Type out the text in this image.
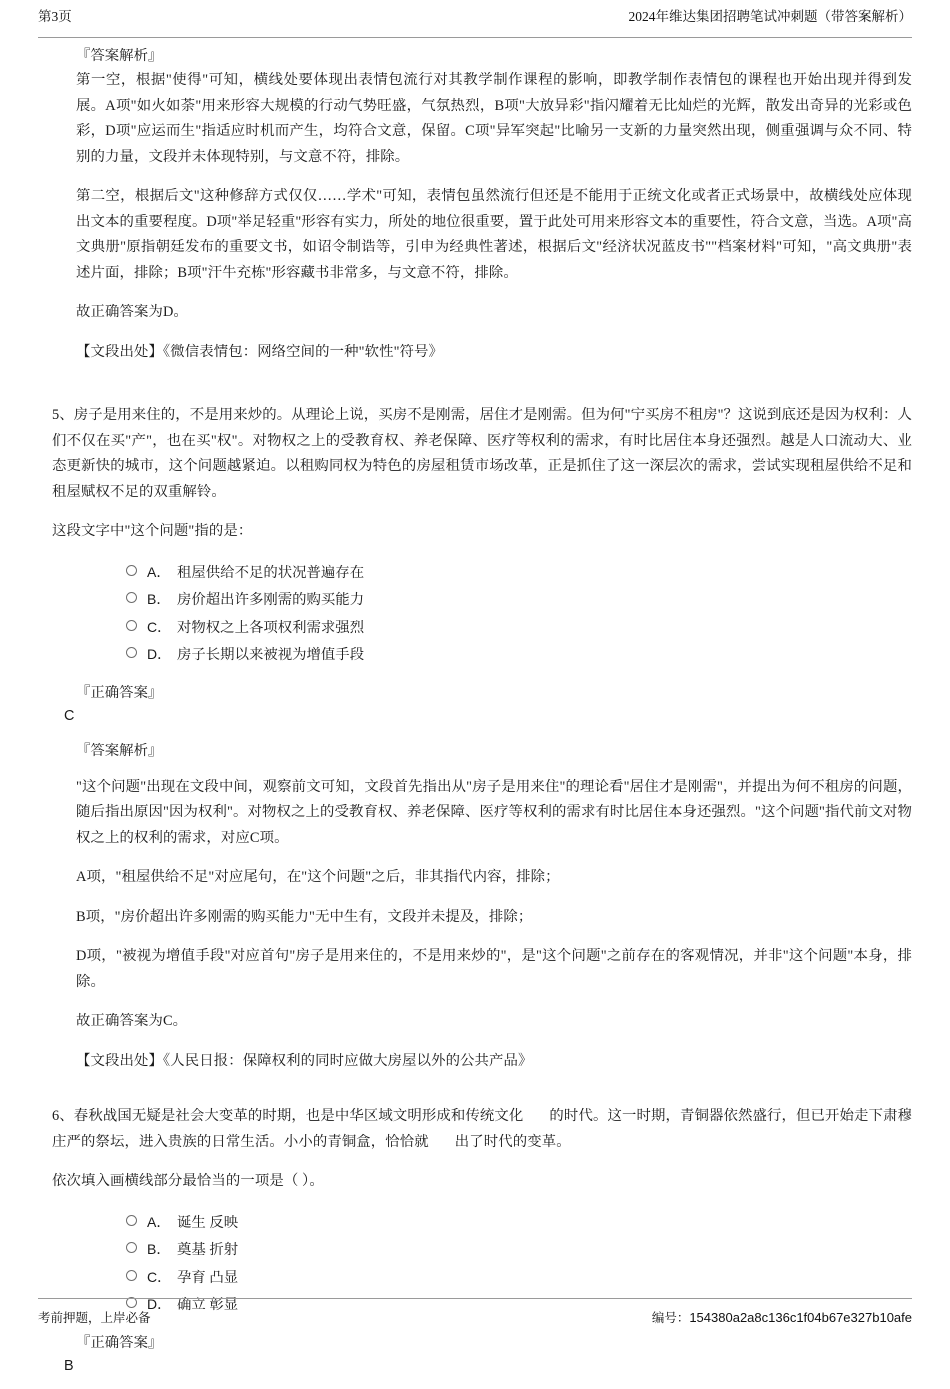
第3页	2024年维达集团招聘笔试冲刺题（带答案解析）
『答案解析』

第一空，根据"使得"可知，横线处要体现出表情包流行对其教学制作课程的影响，即教学制作表情包的课程也开始出现并得到发展。A项"如火如荼"用来形容大规模的行动气势旺盛，气氛热烈，B项"大放异彩"指闪耀着无比灿烂的光辉，散发出奇异的光彩或色彩，D项"应运而生"指适应时机而产生，均符合文意，保留。C项"异军突起"比喻另一支新的力量突然出现，侧重强调与众不同、特别的力量，文段并未体现特别，与文意不符，排除。

第二空，根据后文"这种修辞方式仅仅……学术"可知，表情包虽然流行但还是不能用于正统文化或者正式场景中，故横线处应体现出文本的重要程度。D项"举足轻重"形容有实力，所处的地位很重要，置于此处可用来形容文本的重要性，符合文意，当选。A项"高文典册"原指朝廷发布的重要文书，如诏令制诰等，引申为经典性著述，根据后文"经济状况蓝皮书""档案材料"可知，"高文典册"表述片面，排除；B项"汗牛充栋"形容藏书非常多，与文意不符，排除。

故正确答案为D。

【文段出处】《微信表情包：网络空间的一种"软性"符号》

5、房子是用来住的，不是用来炒的。从理论上说，买房不是刚需，居住才是刚需。但为何"宁买房不租房"？这说到底还是因为权利：人们不仅在买"产"，也在买"权"。对物权之上的受教育权、养老保障、医疗等权利的需求，有时比居住本身还强烈。越是人口流动大、业态更新快的城市，这个问题越紧迫。以租购同权为特色的房屋租赁市场改革，正是抓住了这一深层次的需求，尝试实现租屋供给不足和租屋赋权不足的双重解铃。

这段文字中"这个问题"指的是：

A． 租屋供给不足的状况普遍存在
B． 房价超出许多刚需的购买能力
C． 对物权之上各项权利需求强烈
D． 房子长期以来被视为增值手段
『正确答案』

C

『答案解析』

"这个问题"出现在文段中间，观察前文可知，文段首先指出从"房子是用来住"的理论看"居住才是刚需"，并提出为何不租房的问题，随后指出原因"因为权利"。对物权之上的受教育权、养老保障、医疗等权利的需求有时比居住本身还强烈。"这个问题"指代前文对物权之上的权利的需求，对应C项。

A项，"租屋供给不足"对应尾句，在"这个问题"之后，非其指代内容，排除；

B项，"房价超出许多刚需的购买能力"无中生有，文段并未提及，排除；

D项，"被视为增值手段"对应首句"房子是用来住的，不是用来炒的"，是"这个问题"之前存在的客观情况，并非"这个问题"本身，排除。

故正确答案为C。

【文段出处】《人民日报：保障权利的同时应做大房屋以外的公共产品》

6、春秋战国无疑是社会大变革的时期，也是中华区域文明形成和传统文化 的时代。这一时期，青铜器依然盛行，但已开始走下肃穆庄严的祭坛，进入贵族的日常生活。小小的青铜盒，恰恰就 出了时代的变革。

依次填入画横线部分最恰当的一项是（ ）。

A． 诞生 反映
B． 奠基 折射
C． 孕育 凸显
D． 确立 彰显
『正确答案』

B

考前押题，上岸必备	编号：154380a2a8c136c1f04b67e327b10afe
